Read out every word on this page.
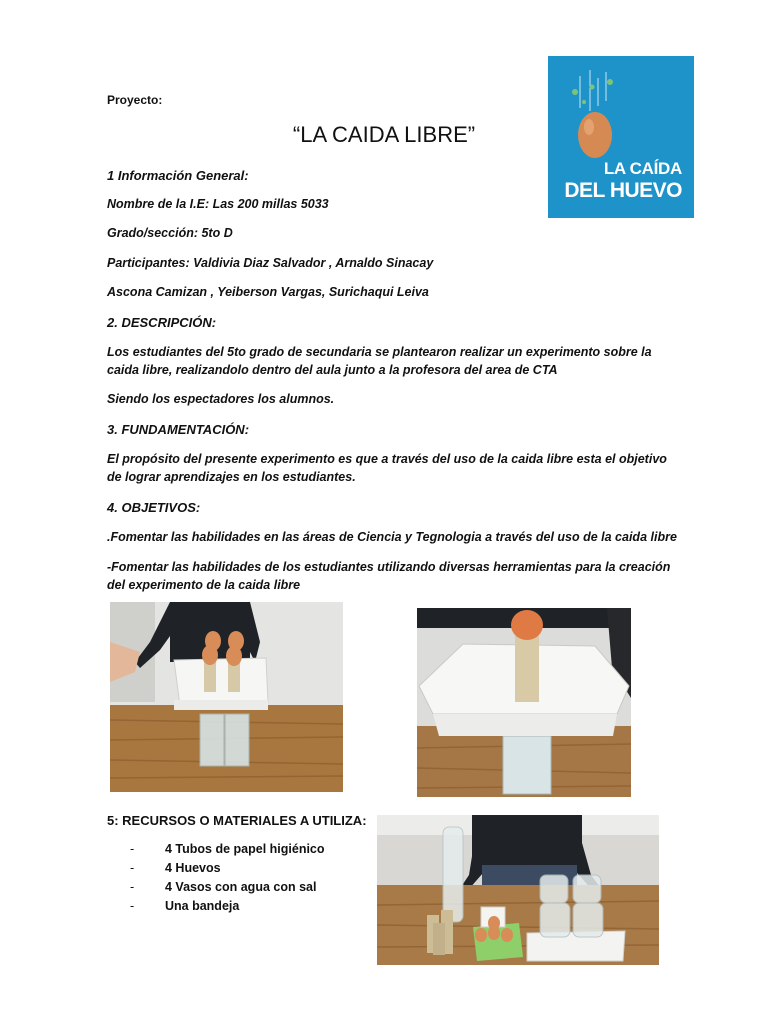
Proyecto:
“LA CAIDA LIBRE”
LA CAÍDA
DEL HUEVO
1 Información General:
Nombre de la I.E: Las 200 millas 5033
Grado/sección: 5to D
Participantes: Valdivia Diaz Salvador , Arnaldo Sinacay
Ascona Camizan , Yeiberson Vargas, Surichaqui Leiva
2. DESCRIPCIÓN:
Los estudiantes del 5to grado de secundaria se plantearon realizar un experimento sobre la
caida libre, realizandolo dentro del aula junto a la profesora del area de CTA
Siendo los espectadores los alumnos.
3. FUNDAMENTACIÓN:
El propósito del presente experimento es que a través del uso de la caida libre esta el objetivo
de lograr aprendizajes en los estudiantes.
4. OBJETIVOS:
.Fomentar las habilidades en las áreas de Ciencia y Tegnologia a través del uso de la caida libre
-Fomentar las habilidades de los estudiantes utilizando diversas herramientas para la creación
del experimento de la caida libre
5: RECURSOS O MATERIALES A UTILIZA:
- 4 Tubos de papel higiénico
- 4 Huevos
- 4 Vasos con agua con sal
- Una bandeja
